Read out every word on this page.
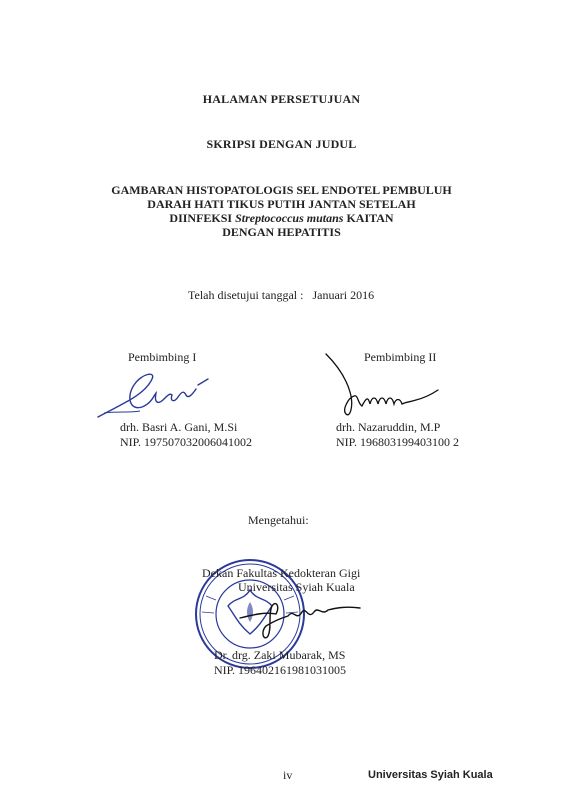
HALAMAN PERSETUJUAN
SKRIPSI DENGAN JUDUL
GAMBARAN HISTOPATOLOGIS SEL ENDOTEL PEMBULUH
DARAH HATI TIKUS PUTIH JANTAN SETELAH
DIINFEKSI Streptococcus mutans KAITAN
DENGAN HEPATITIS
Telah disetujui tanggal :   Januari 2016
Pembimbing I
drh. Basri A. Gani, M.Si
NIP. 197507032006041002
Pembimbing II
drh. Nazaruddin, M.P
NIP. 196803199403100 2
Mengetahui:
Dekan Fakultas Kedokteran Gigi
Universitas Syiah Kuala
Dr. drg. Zaki Mubarak, MS
NIP. 196402161981031005
iv	Universitas Syiah Kuala
